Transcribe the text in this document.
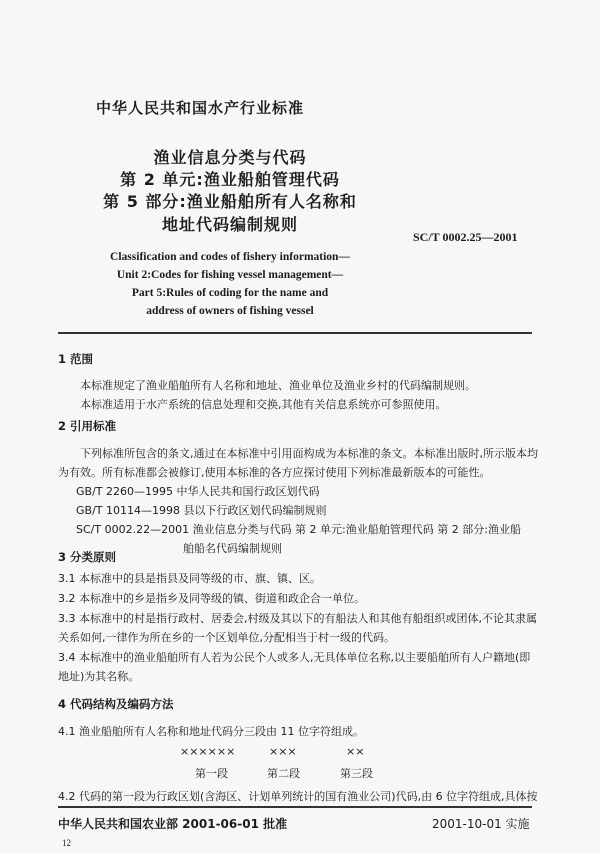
中华人民共和国水产行业标准
渔业信息分类与代码
第 2 单元:渔业船舶管理代码
第 5 部分:渔业船舶所有人名称和
地址代码编制规则
SC/T 0002.25—2001
Classification and codes of fishery information—
Unit 2:Codes for fishing vessel management—
Part 5:Rules of coding for the name and
address of owners of fishing vessel
1 范围
本标准规定了渔业船舶所有人名称和地址、渔业单位及渔业乡村的代码编制规则。
本标准适用于水产系统的信息处理和交换,其他有关信息系统亦可参照使用。
2 引用标准
下列标准所包含的条文,通过在本标准中引用面构成为本标准的条文。本标准出版时,所示版本均
为有效。所有标准都会被修订,使用本标准的各方应探讨使用下列标准最新版本的可能性。
GB/T 2260—1995 中华人民共和国行政区划代码
GB/T 10114—1998 县以下行政区划代码编制规则
SC/T 0002.22—2001 渔业信息分类与代码 第 2 单元:渔业船舶管理代码 第 2 部分:渔业船
舶船名代码编制规则
3 分类原则
3.1 本标准中的县是指县及同等级的市、旗、镇、区。
3.2 本标准中的乡是指乡及同等级的镇、街道和政企合一单位。
3.3 本标准中的村是指行政村、居委会,村级及其以下的有船法人和其他有船组织或团体,不论其隶属
关系如何,一律作为所在乡的一个区划单位,分配相当于村一级的代码。
3.4 本标准中的渔业船舶所有人若为公民个人或多人,无具体单位名称,以主要船舶所有人户籍地(即
地址)为其名称。
4 代码结构及编码方法
4.1 渔业船舶所有人名称和地址代码分三段由 11 位字符组成。
××××××	×××	××
第一段	第二段	第三段
4.2 代码的第一段为行政区划(含海区、计划单列统计的国有渔业公司)代码,由 6 位字符组成,具体按
中华人民共和国农业部 2001-06-01 批准	2001-10-01 实施
12
